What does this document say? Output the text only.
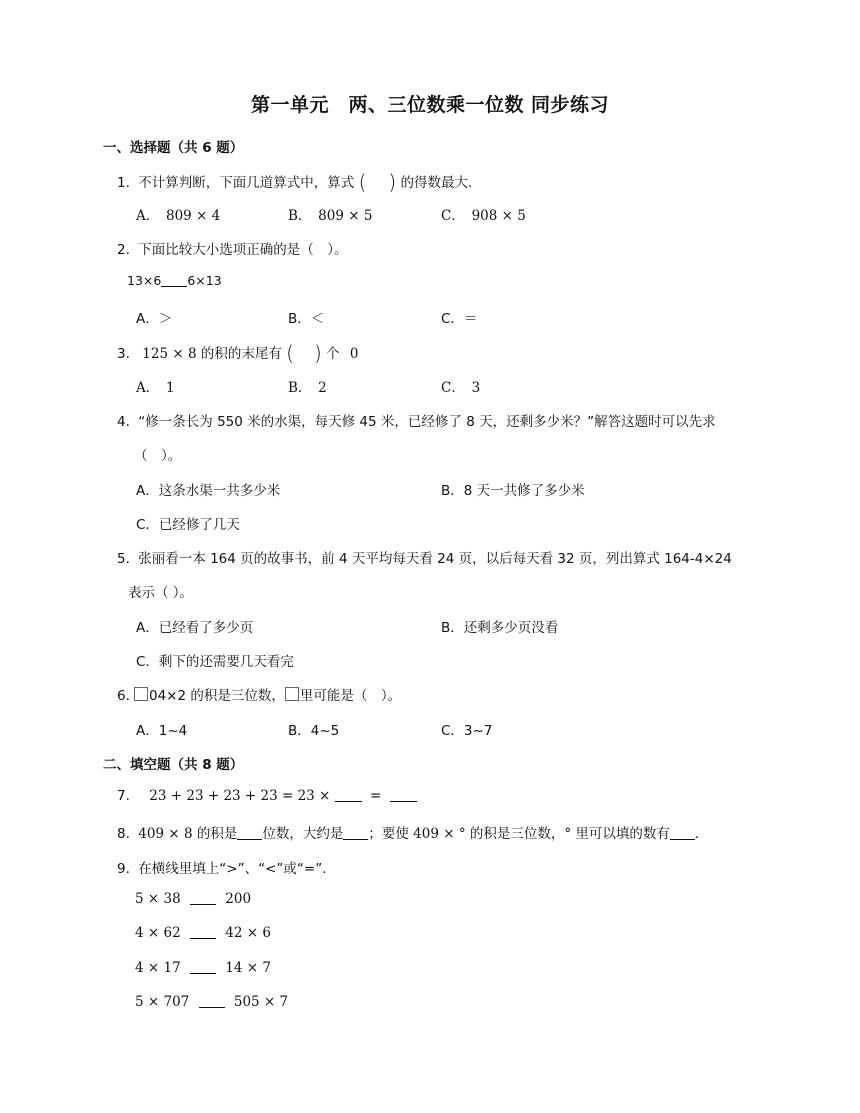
第一单元　两、三位数乘一位数 同步练习
一、选择题（共 6 题）
1. 不计算判断，下面几道算式中，算式 ( ) 的得数最大.
A．　809 × 4	B．　809 × 5	C．　908 × 5
2. 下面比较大小选项正确的是（　）。
13×6 6×13
A．＞	B．＜	C．＝
3. 125 × 8 的积的末尾有 ( ) 个 0
A．　1	B．　2	C．　3
4. “修一条长为 550 米的水渠，每天修 45 米，已经修了 8 天，还剩多少米？”解答这题时可以先求
（　）。
A．这条水渠一共多少米	B．8 天一共修了多少米
C．已经修了几天
5. 张丽看一本 164 页的故事书，前 4 天平均每天看 24 页，以后每天看 32 页，列出算式 164-4×24
表示（ ）。
A．已经看了多少页	B．还剩多少页没看
C．剩下的还需要几天看完
6. 04×2 的积是三位数， 里可能是（　）。
A．1~4	B．4~5	C．3~7
二、填空题（共 8 题）
7. 23 + 23 + 23 + 23 = 23 ×	=
8. 409 × 8 的积是 位数，大约是 ；要使 409 × ° 的积是三位数，° 里可以填的数有 .
9. 在横线里填上“>”、“<”或“=”.
5 × 38	200
4 × 62	42 × 6
4 × 17	14 × 7
5 × 707	505 × 7
